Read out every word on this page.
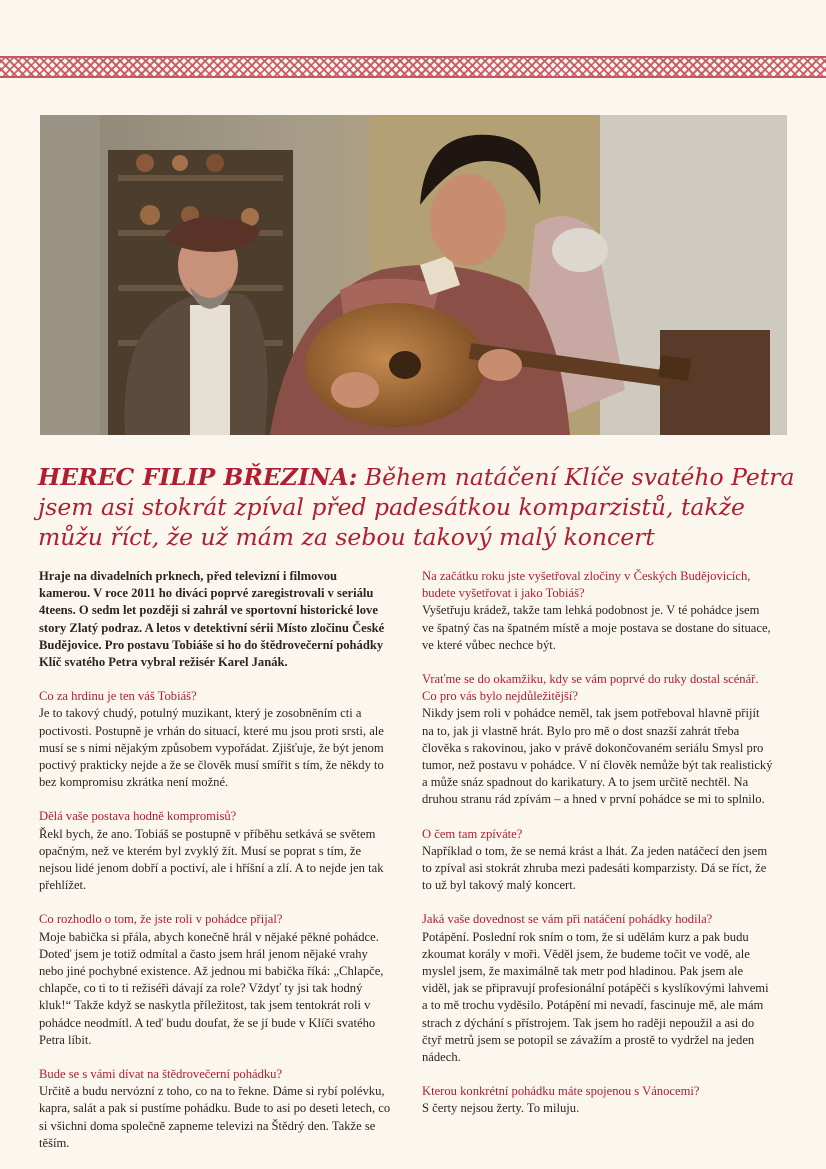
HEREC FILIP BŘEZINA: Během natáčení Klíče svatého Petra jsem asi stokrát zpíval před padesátkou komparzistů, takže můžu říct, že už mám za sebou takový malý koncert

Hraje na divadelních prknech, před televizní i filmovou kamerou. V roce 2011 ho diváci poprvé zaregistrovali v seriálu 4teens. O sedm let později si zahrál ve sportovní historické love story Zlatý podraz. A letos v detektivní sérii Místo zločinu České Budějovice. Pro postavu Tobiáše si ho do štědrovečerní pohádky Klíč svatého Petra vybral režisér Karel Janák.

Co za hrdinu je ten váš Tobiáš?

Je to takový chudý, potulný muzikant, který je zosobněním cti a poctivosti. Postupně je vrhán do situací, které mu jsou proti srsti, ale musí se s nimi nějakým způsobem vypořádat. Zjišťuje, že být jenom poctivý prakticky nejde a že se člověk musí smířit s tím, že někdy to bez kompromisu zkrátka není možné.

Dělá vaše postava hodně kompromisů?

Řekl bych, že ano. Tobiáš se postupně v příběhu setkává se světem opačným, než ve kterém byl zvyklý žít. Musí se poprat s tím, že nejsou lidé jenom dobří a poctiví, ale i hříšní a zlí. A to nejde jen tak přehlížet.

Co rozhodlo o tom, že jste roli v pohádce přijal?

Moje babička si přála, abych konečně hrál v nějaké pěkné pohádce. Doteď jsem je totiž odmítal a často jsem hrál jenom nějaké vrahy nebo jiné pochybné existence. Až jednou mi babička říká: „Chlapče, chlapče, co ti to ti režiséři dávají za role? Vždyť ty jsi tak hodný kluk!“ Takže když se naskytla příležitost, tak jsem tentokrát roli v pohádce neodmítl. A teď budu doufat, že se jí bude v Klíči svatého Petra líbit.

Bude se s vámi dívat na štědrovečerní pohádku?

Určitě a budu nervózní z toho, co na to řekne. Dáme si rybí polévku, kapra, salát a pak si pustíme pohádku. Bude to asi po deseti letech, co si všichni doma společně zapneme televizi na Štědrý den. Takže se těším.

Na začátku roku jste vyšetřoval zločiny v Českých Budějovicích, budete vyšetřovat i jako Tobiáš?

Vyšetřuju krádež, takže tam lehká podobnost je. V té pohádce jsem ve špatný čas na špatném místě a moje postava se dostane do situace, ve které vůbec nechce být.

Vraťme se do okamžiku, kdy se vám poprvé do ruky dostal scénář. Co pro vás bylo nejdůležitější?

Nikdy jsem roli v pohádce neměl, tak jsem potřeboval hlavně přijít na to, jak ji vlastně hrát. Bylo pro mě o dost snazší zahrát třeba člověka s rakovinou, jako v právě dokončovaném seriálu Smysl pro tumor, než postavu v pohádce. V ní člověk nemůže být tak realistický a může snáz spadnout do karikatury. A to jsem určitě nechtěl. Na druhou stranu rád zpívám – a hned v první pohádce se mi to splnilo.

O čem tam zpíváte?

Například o tom, že se nemá krást a lhát. Za jeden natáčecí den jsem to zpíval asi stokrát zhruba mezi padesáti komparzisty. Dá se říct, že to už byl takový malý koncert.

Jaká vaše dovednost se vám při natáčení pohádky hodila?

Potápění. Poslední rok sním o tom, že si udělám kurz a pak budu zkoumat korály v moři. Věděl jsem, že budeme točit ve vodě, ale myslel jsem, že maximálně tak metr pod hladinou. Pak jsem ale viděl, jak se připravují profesionální potápěči s kyslíkovými lahvemi a to mě trochu vyděsilo. Potápění mi nevadí, fascinuje mě, ale mám strach z dýchání s přístrojem. Tak jsem ho raději nepoužil a asi do čtyř metrů jsem se potopil se závažím a prostě to vydržel na jeden nádech.

Kterou konkrétní pohádku máte spojenou s Vánocemi?

S čerty nejsou žerty. To miluju.
